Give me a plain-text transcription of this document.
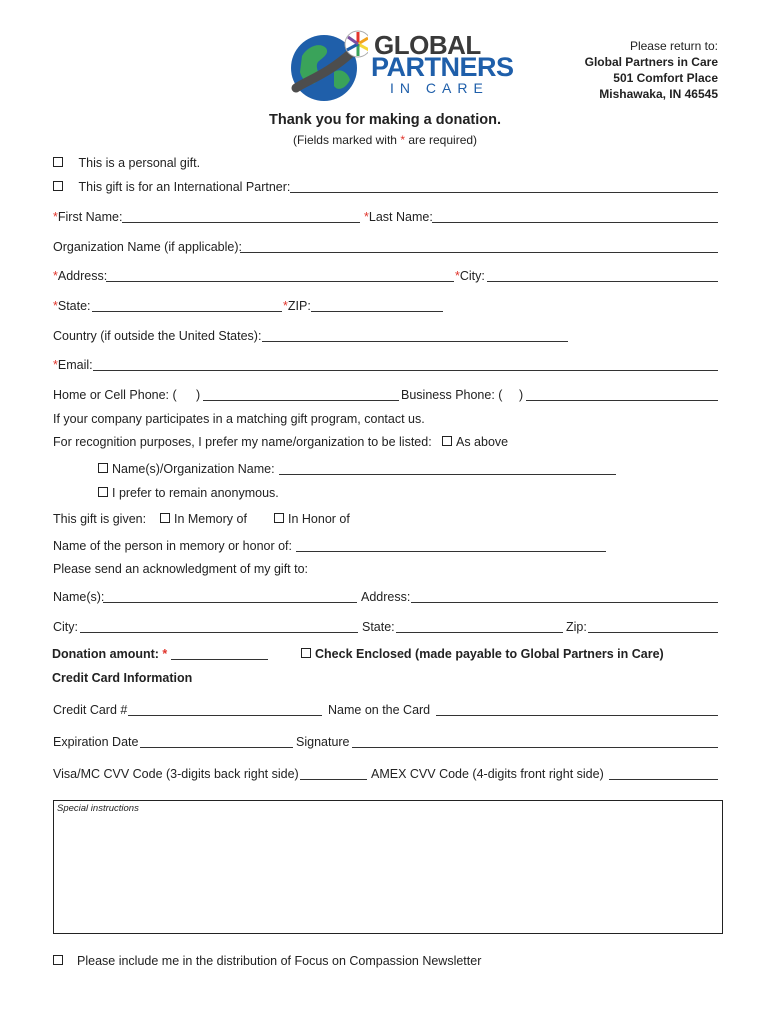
GLOBAL
PARTNERS
IN CARE
Please return to:
Global Partners in Care
501 Comfort Place
Mishawaka, IN 46545
Thank you for making a donation.
(Fields marked with * are required)
This is a personal gift.
This gift is for an International Partner:
*First Name:	*Last Name:
Organization Name (if applicable):
*Address:	*City:
*State:	*ZIP:
Country (if outside the United States):
*Email:
Home or Cell Phone: ( )	Business Phone: ( )
If your company participates in a matching gift program, contact us.
For recognition purposes, I prefer my name/organization to be listed:	As above
Name(s)/Organization Name:
I prefer to remain anonymous.
This gift is given:	In Memory of	In Honor of
Name of the person in memory or honor of:
Please send an acknowledgment of my gift to:
Name(s):	Address:
City:	State:	Zip:
Donation amount: *	Check Enclosed (made payable to Global Partners in Care)
Credit Card Information
Credit Card #	Name on the Card
Expiration Date	Signature
Visa/MC CVV Code (3-digits back right side)	AMEX CVV Code (4-digits front right side)
Special instructions
Please include me in the distribution of Focus on Compassion Newsletter
